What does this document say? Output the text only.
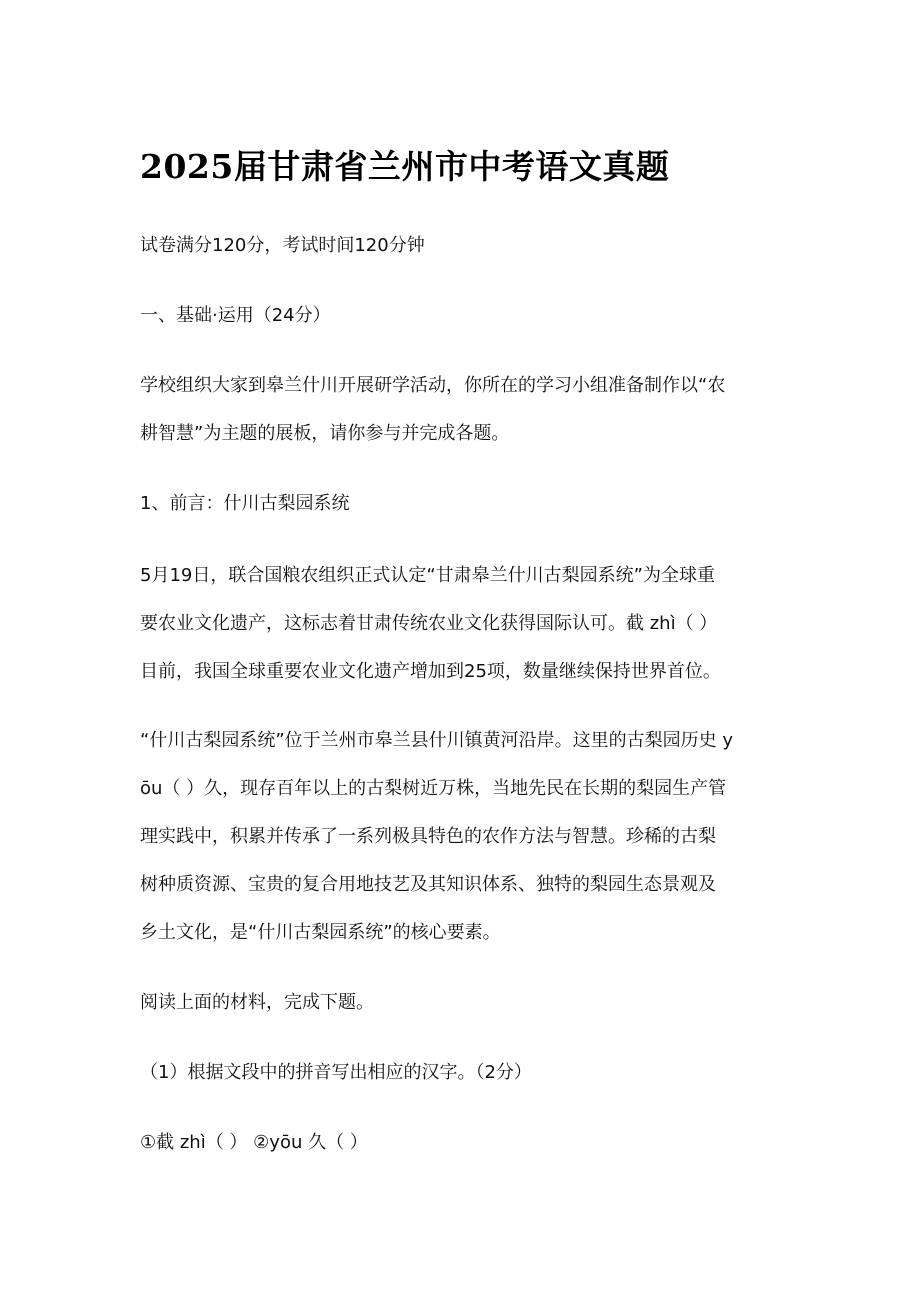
2025届甘肃省兰州市中考语文真题
试卷满分120分，考试时间120分钟
一、基础·运用（24分）
学校组织大家到皋兰什川开展研学活动，你所在的学习小组准备制作以“农
耕智慧”为主题的展板，请你参与并完成各题。
1、前言：什川古梨园系统
5月19日，联合国粮农组织正式认定“甘肃皋兰什川古梨园系统”为全球重
要农业文化遗产，这标志着甘肃传统农业文化获得国际认可。截 zhì（ ）
目前，我国全球重要农业文化遗产增加到25项，数量继续保持世界首位。
“什川古梨园系统”位于兰州市皋兰县什川镇黄河沿岸。这里的古梨园历史 y
ōu（ ）久，现存百年以上的古梨树近万株，当地先民在长期的梨园生产管
理实践中，积累并传承了一系列极具特色的农作方法与智慧。珍稀的古梨
树种质资源、宝贵的复合用地技艺及其知识体系、独特的梨园生态景观及
乡土文化，是“什川古梨园系统”的核心要素。
阅读上面的材料，完成下题。
（1）根据文段中的拼音写出相应的汉字。（2分）
①截 zhì（ ） ②yōu 久（ ）
